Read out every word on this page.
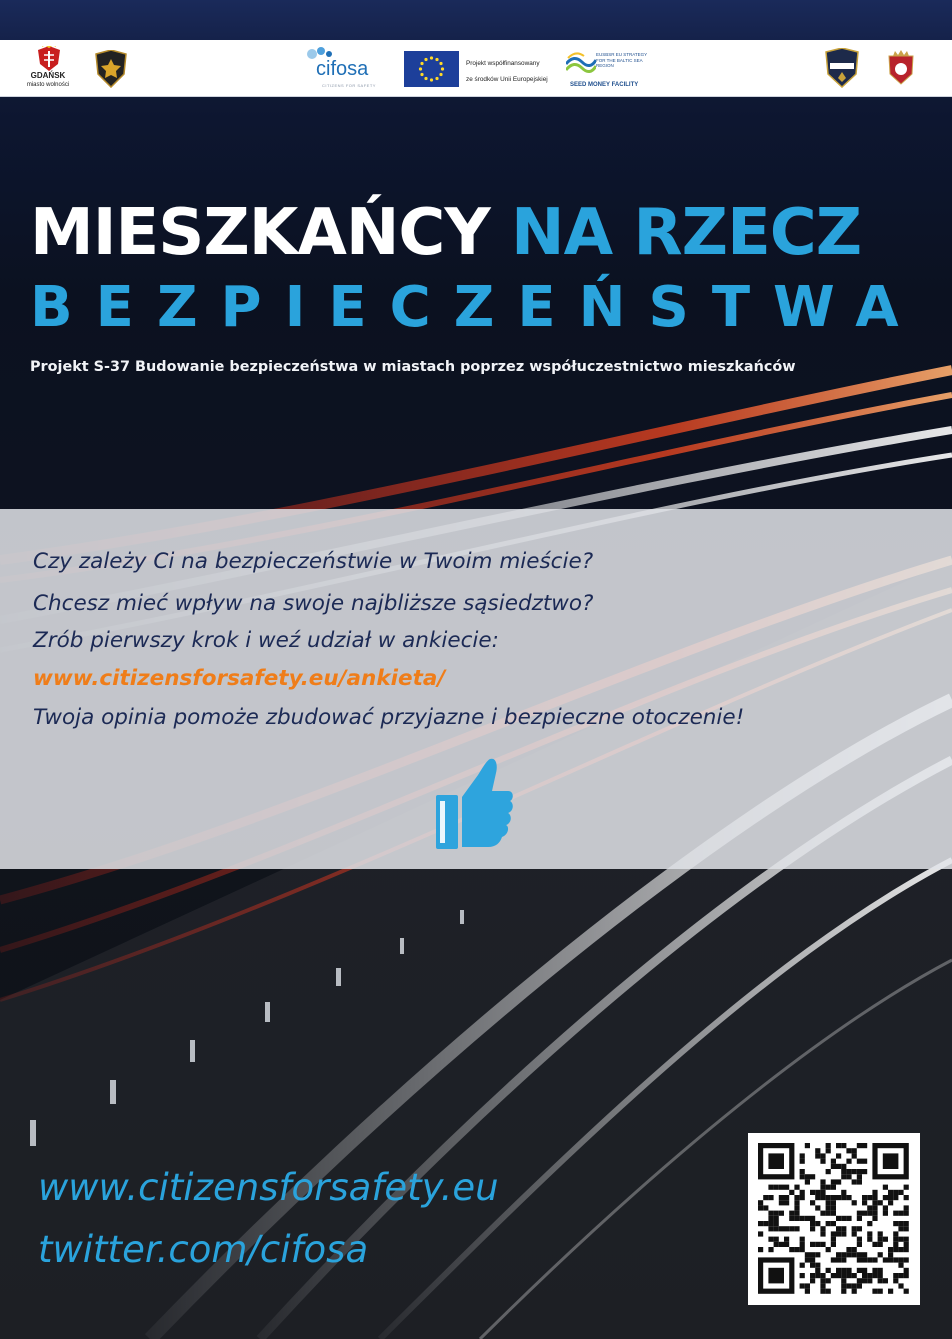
GDAŃSK
miasto wolności
cifosa
CITIZENS FOR SAFETY
Projekt współfinansowany
ze środków Unii Europejskiej
EUSBSR EU STRATEGY FOR THE BALTIC SEA REGION
SEED MONEY FACILITY
MIESZKAŃCY NA RZECZ
BEZPIECZEŃSTWA
Projekt S-37 Budowanie bezpieczeństwa w miastach poprzez współuczestnictwo mieszkańców
Czy zależy Ci na bezpieczeństwie w Twoim mieście?
Chcesz mieć wpływ na swoje najbliższe sąsiedztwo?
Zrób pierwszy krok i weź udział w ankiecie:
www.citizensforsafety.eu/ankieta/
Twoja opinia pomoże zbudować przyjazne i bezpieczne otoczenie!
www.citizensforsafety.eu
twitter.com/cifosa
